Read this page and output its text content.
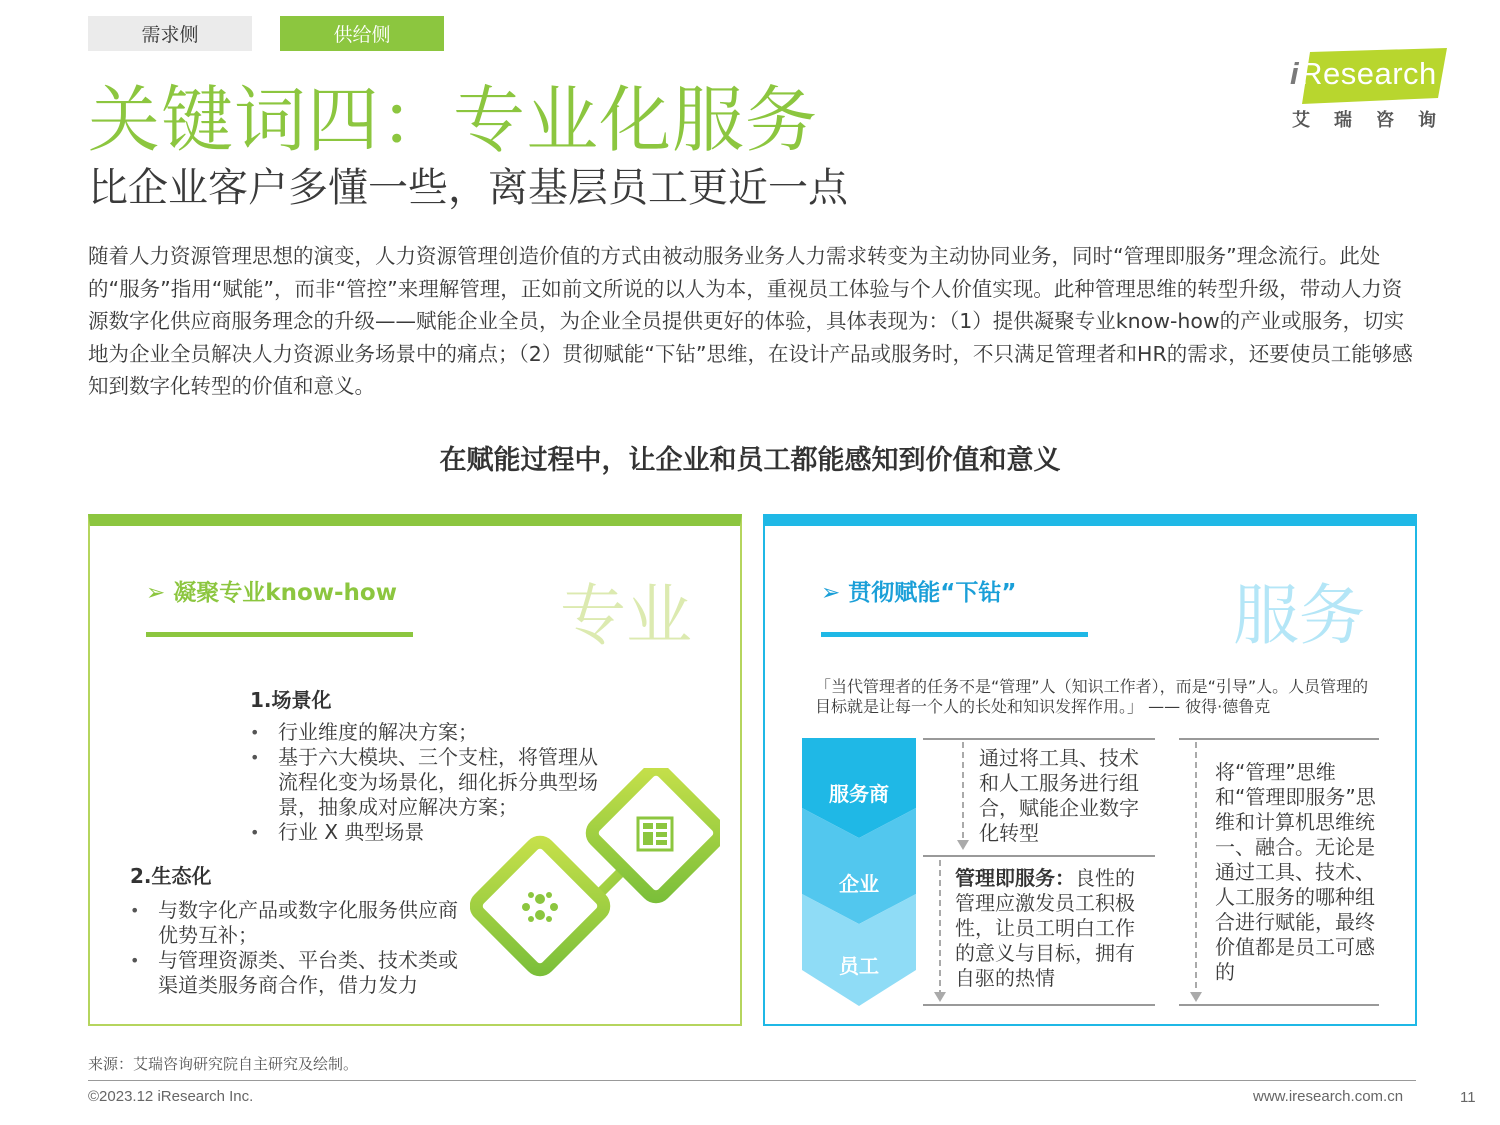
需求侧	供给侧
iResearch
艾瑞咨询
关键词四：专业化服务
比企业客户多懂一些，离基层员工更近一点
随着人力资源管理思想的演变，人力资源管理创造价值的方式由被动服务业务人力需求转变为主动协同业务，同时“管理即服务”理念流行。此处的“服务”指用“赋能”，而非“管控”来理解管理，正如前文所说的以人为本，重视员工体验与个人价值实现。此种管理思维的转型升级，带动人力资源数字化供应商服务理念的升级——赋能企业全员，为企业全员提供更好的体验，具体表现为：（1）提供凝聚专业know-how的产业或服务，切实地为企业全员解决人力资源业务场景中的痛点；（2）贯彻赋能“下钻”思维，在设计产品或服务时，不只满足管理者和HR的需求，还要使员工能够感知到数字化转型的价值和意义。
在赋能过程中，让企业和员工都能感知到价值和意义
➢ 凝聚专业know-how 专业
1.场景化
• 行业维度的解决方案；
• 基于六大模块、三个支柱，将管理从流程化变为场景化，细化拆分典型场景，抽象成对应解决方案；
• 行业 X 典型场景
2.生态化
• 与数字化产品或数字化服务供应商优势互补；
• 与管理资源类、平台类、技术类或渠道类服务商合作，借力发力
➢ 贯彻赋能“下钻”	服务
「当代管理者的任务不是“管理”人（知识工作者），而是“引导”人。人员管理的目标就是让每一个人的长处和知识发挥作用。」 —— 彼得·德鲁克
服务商
企业
员工
通过将工具、技术和人工服务进行组合，赋能企业数字化转型
管理即服务：良性的管理应激发员工积极性，让员工明白工作的意义与目标，拥有自驱的热情
将“管理”思维和“管理即服务”思维和计算机思维统一、融合。无论是通过工具、技术、人工服务的哪种组合进行赋能，最终价值都是员工可感的
来源：艾瑞咨询研究院自主研究及绘制。
©2023.12 iResearch Inc.	www.iresearch.com.cn	11
